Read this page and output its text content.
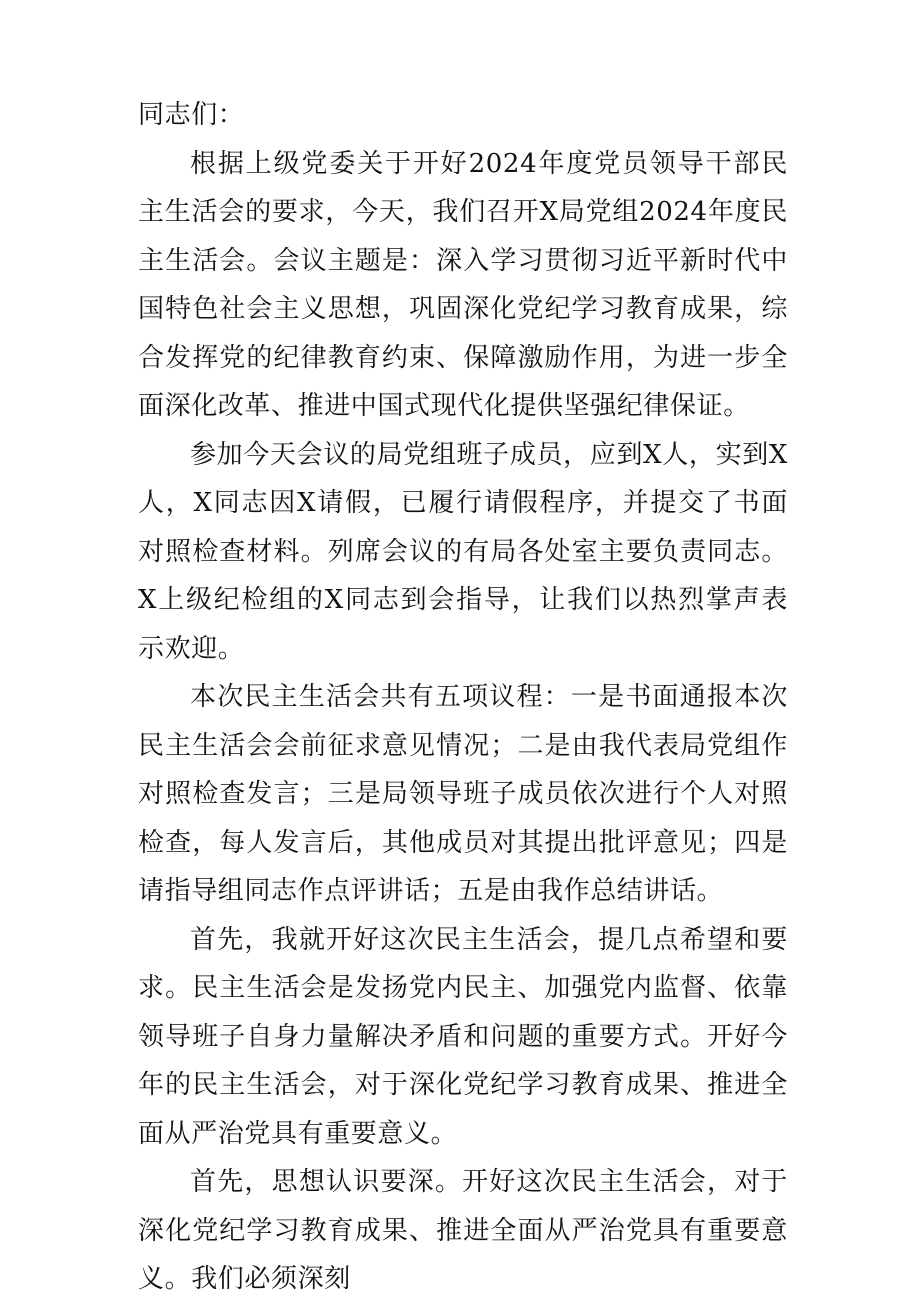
同志们：

根据上级党委关于开好2024年度党员领导干部民主生活会的要求，今天，我们召开X局党组2024年度民主生活会。会议主题是：深入学习贯彻习近平新时代中国特色社会主义思想，巩固深化党纪学习教育成果，综合发挥党的纪律教育约束、保障激励作用，为进一步全面深化改革、推进中国式现代化提供坚强纪律保证。

参加今天会议的局党组班子成员，应到X人，实到X人，X同志因X请假，已履行请假程序，并提交了书面对照检查材料。列席会议的有局各处室主要负责同志。X上级纪检组的X同志到会指导，让我们以热烈掌声表示欢迎。

本次民主生活会共有五项议程：一是书面通报本次民主生活会会前征求意见情况；二是由我代表局党组作对照检查发言；三是局领导班子成员依次进行个人对照检查，每人发言后，其他成员对其提出批评意见；四是请指导组同志作点评讲话；五是由我作总结讲话。

首先，我就开好这次民主生活会，提几点希望和要求。民主生活会是发扬党内民主、加强党内监督、依靠领导班子自身力量解决矛盾和问题的重要方式。开好今年的民主生活会，对于深化党纪学习教育成果、推进全面从严治党具有重要意义。

首先，思想认识要深。开好这次民主生活会，对于深化党纪学习教育成果、推进全面从严治党具有重要意义。我们必须深刻
